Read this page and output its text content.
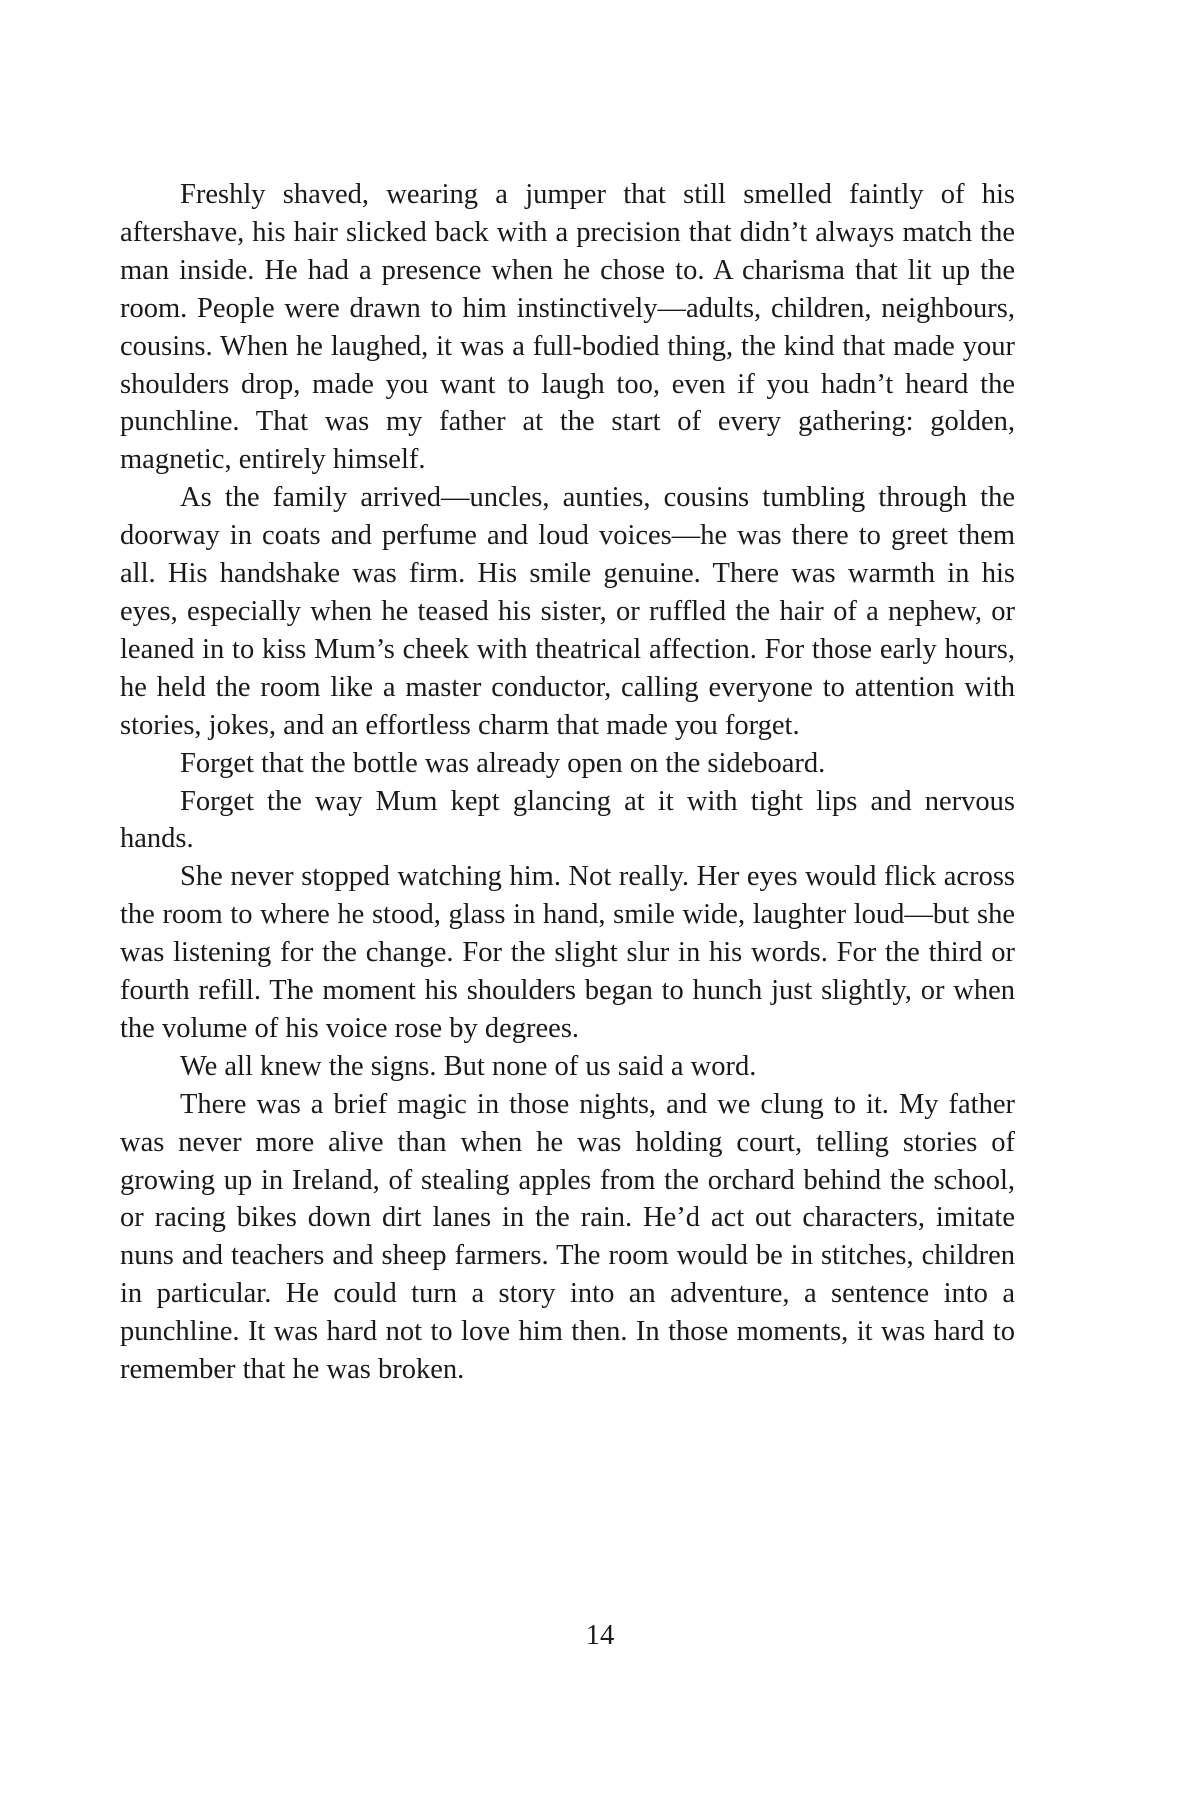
Freshly shaved, wearing a jumper that still smelled faintly of his aftershave, his hair slicked back with a precision that didn’t always match the man inside. He had a presence when he chose to. A charisma that lit up the room. People were drawn to him instinctively—adults, children, neighbours, cousins. When he laughed, it was a full-bodied thing, the kind that made your shoulders drop, made you want to laugh too, even if you hadn’t heard the punchline. That was my father at the start of every gathering: golden, magnetic, entirely himself.

As the family arrived—uncles, aunties, cousins tumbling through the doorway in coats and perfume and loud voices—he was there to greet them all. His handshake was firm. His smile genuine. There was warmth in his eyes, especially when he teased his sister, or ruffled the hair of a nephew, or leaned in to kiss Mum’s cheek with theatrical affection. For those early hours, he held the room like a master conductor, calling everyone to attention with stories, jokes, and an effortless charm that made you forget.

Forget that the bottle was already open on the sideboard.

Forget the way Mum kept glancing at it with tight lips and nervous hands.

She never stopped watching him. Not really. Her eyes would flick across the room to where he stood, glass in hand, smile wide, laughter loud—but she was listening for the change. For the slight slur in his words. For the third or fourth refill. The moment his shoulders began to hunch just slightly, or when the volume of his voice rose by degrees.

We all knew the signs. But none of us said a word.

There was a brief magic in those nights, and we clung to it. My father was never more alive than when he was holding court, telling stories of growing up in Ireland, of stealing apples from the orchard behind the school, or racing bikes down dirt lanes in the rain. He’d act out characters, imitate nuns and teachers and sheep farmers. The room would be in stitches, children in particular. He could turn a story into an adventure, a sentence into a punchline. It was hard not to love him then. In those moments, it was hard to remember that he was broken.

14
